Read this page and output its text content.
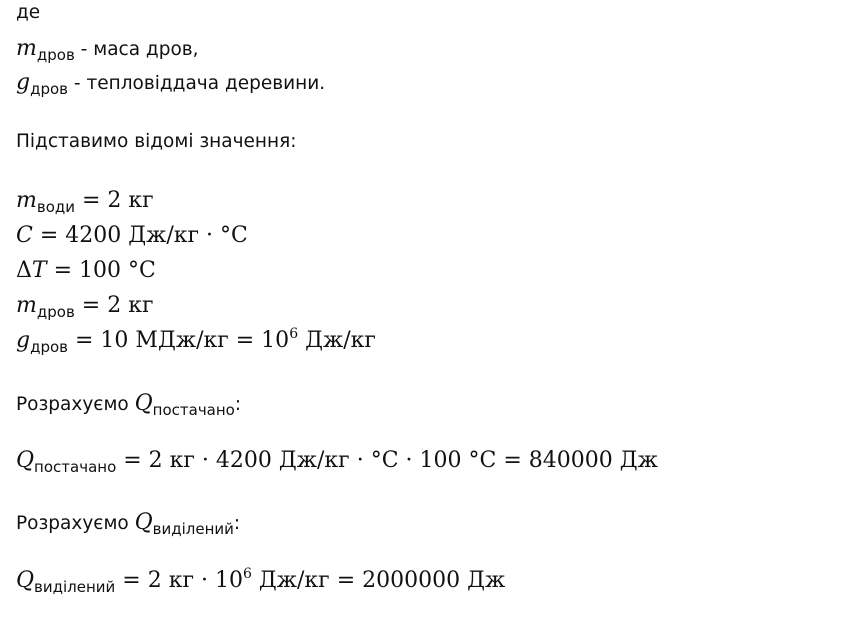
де
$m_{дров}$ - маса дров,
$g_{дров}$ - тепловіддача деревини.
Підставимо відомі значення:
$m_{води} = 2$ кг
C = 4200 Дж/кг · °C
ΔT = 100 °C
$m_{дров} = 2$ кг
$g_{дров} = 10$ $МДж/кг = 10^6$ Дж/кг
Розрахуємо $Q_{постачано}$:
$Q_{постачано} = 2$ кг · 4200 Дж/кг · °C · 100 °C = 840000 Дж
Розрахуємо $Q_{виділений}$:
$Q_{виділений} = 2$ кг · $10^6$ Дж/кг = 2000000 Дж
